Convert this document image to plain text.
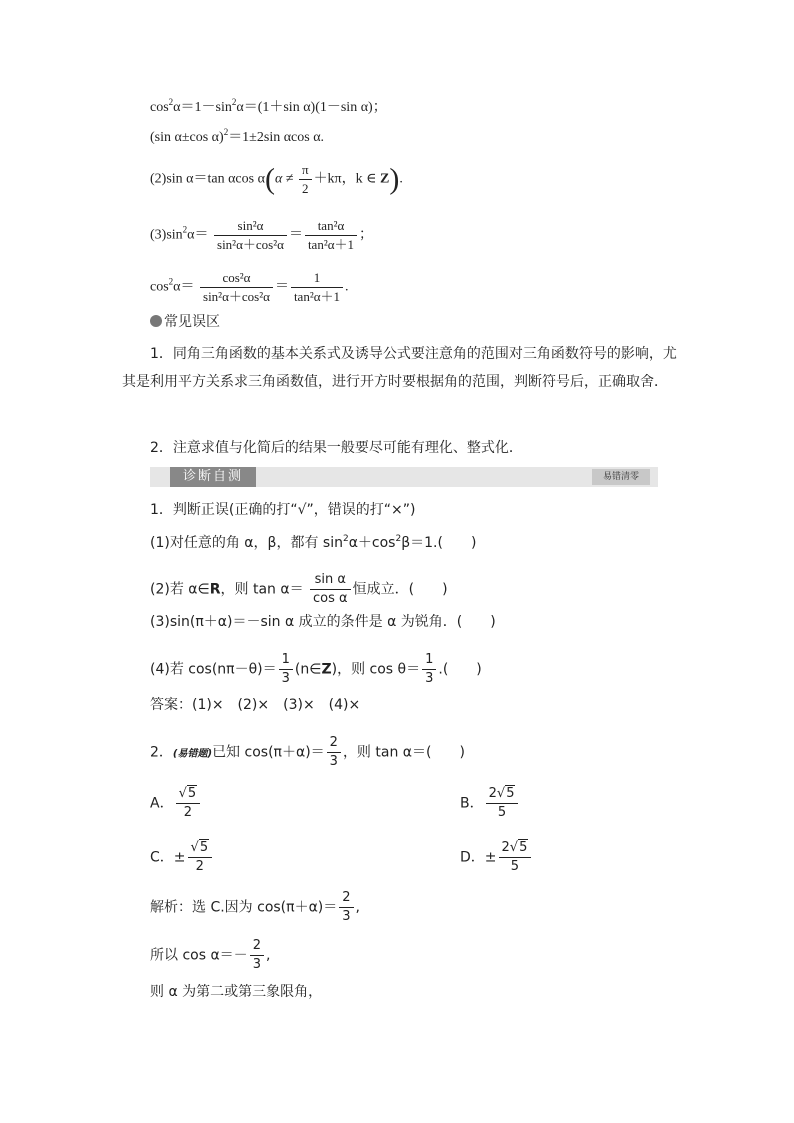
$\cos^2\alpha=1-\sin^2\alpha=(1+\sin$ α)(1－sin α)；
(sin α±cos α)$^2$＝1±2sin αcos α.
(2)sin α＝tan αcos $\alpha(\alpha \ne \frac{\pi}{2} +k\pi$，k ∈ Z).
$(3)\sin^2\alpha= \frac{\text{sin²α}}{\text{sin²α＋cos²α}} = \frac{\text{tan²α}}{\text{tan²α＋1}}$ ；
$\cos^2\alpha= \frac{\text{cos²α}}{\text{sin²α＋cos²α}} = \frac{1}{\text{tan²α＋1}}$ .
常见误区
1．同角三角函数的基本关系式及诱导公式要注意角的范围对三角函数符号的影响，尤其是利用平方关系求三角函数值，进行开方时要根据角的范围，判断符号后，正确取舍．
2．注意求值与化简后的结果一般要尽可能有理化、整式化．
诊断自测	易错清零
1．判断正误(正确的打“√”，错误的打“×”)
(1)对任意的角 α，β，都有 $\sin^2\alpha+\cos^2\beta=1$.(　　)
(2)若 α∈R，则 $\tan \alpha= \frac{\text{sin α}}{\text{cos α}}$ 恒成立．(　　)
(3)sin(π＋α)＝－sin α 成立的条件是 α 为锐角．(　　)
(4)若 $\cos(n\pi-\theta)= \frac{1}{3}$ (n∈Z)，则 $\cos \theta= \frac{1}{3}$ .(　　)
答案：(1)×　(2)×　(3)×　(4)×
2．(易错题)已知 $\cos(\pi+\alpha)= \frac{2}{3}$ ，则 tan α＝(　　)
A． $\frac{√5}{2}$	B． $\frac{2√5}{5}$
C．± $\frac{√5}{2}$	D．± $\frac{2√5}{5}$
解析：选 C.因为 $\cos(\pi+\alpha)= \frac{2}{3}$ ,
所以 $\cos \alpha=- \frac{2}{3}$ ,
则 α 为第二或第三象限角，
